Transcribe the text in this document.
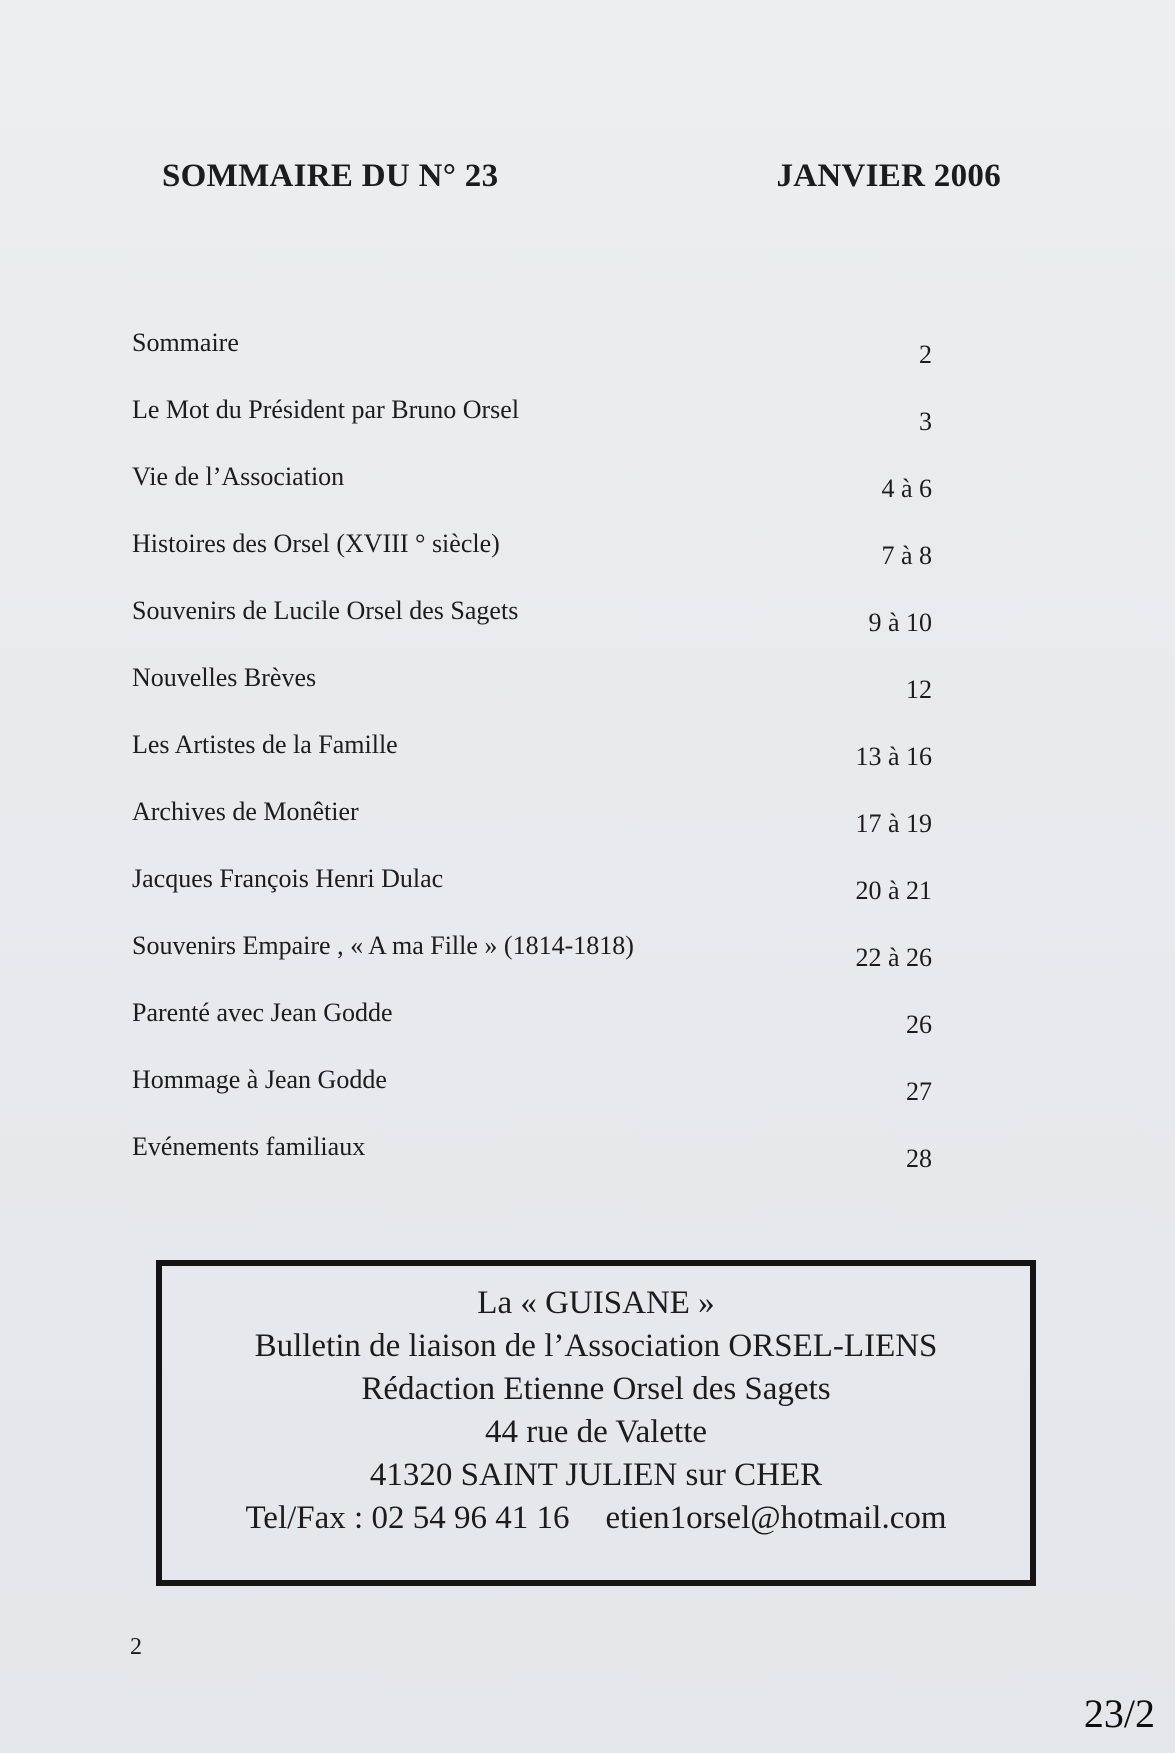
SOMMAIRE DU N° 23	JANVIER 2006
Sommaire	2
Le Mot du Président par Bruno Orsel	3
Vie de l’Association	4 à 6
Histoires des Orsel (XVIII ° siècle)	7 à 8
Souvenirs de Lucile Orsel des Sagets	9 à 10
Nouvelles Brèves	12
Les Artistes de la Famille	13 à 16
Archives de Monêtier	17 à 19
Jacques François Henri Dulac	20 à 21
Souvenirs Empaire , « A ma Fille » (1814-1818)	22 à 26
Parenté avec Jean Godde	26
Hommage à Jean Godde	27
Evénements familiaux	28
La « GUISANE »
Bulletin de liaison de l’Association ORSEL-LIENS
Rédaction Etienne Orsel des Sagets
44 rue de Valette
41320 SAINT JULIEN sur CHER
Tel/Fax : 02 54 96 41 16 etien1orsel@hotmail.com
2
23/2
